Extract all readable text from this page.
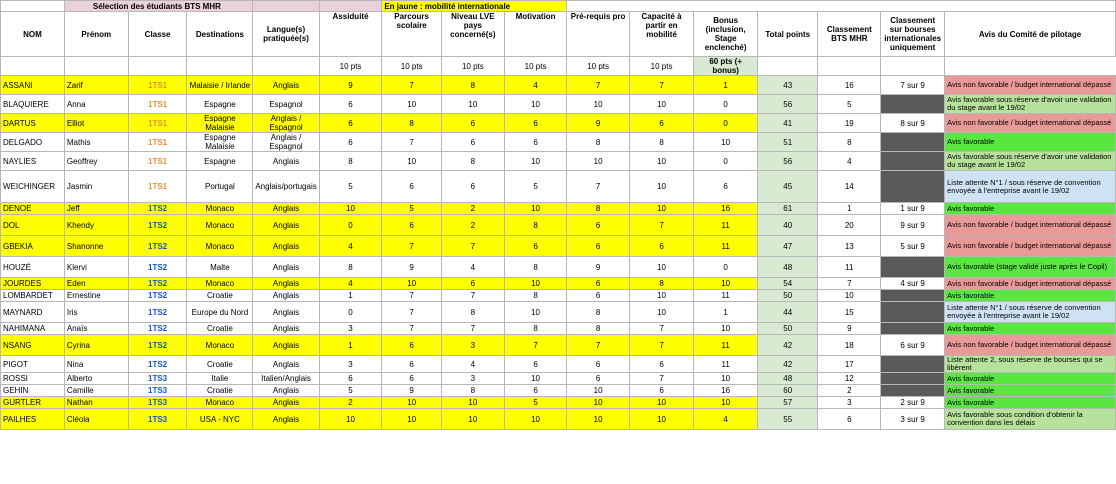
	Sélection des étudiants BTS MHR					En jaune : mobilité internationale									
NOM	Prénom	Classe	Destinations	Langue(s) pratiquée(s)	Assiduité	Parcours scolaire	Niveau LVE pays concerné(s)	Motivation	Pré-requis pro	Capacité à partir en mobilité	Bonus (inclusion, Stage enclenché)	Total points	Classement BTS MHR	Classement sur bourses internationales uniquement	Avis du Comité de pilotage
					10 pts	10 pts	10 pts	10 pts	10 pts	10 pts	60 pts (+ bonus)				
ASSANI	Zarif	1TS1	Malaisie / Irlande	Anglais	9	7	8	4	7	7	1	43	16	7 sur 9	Avis non favorable / budget international dépassé
BLAQUIERE	Anna	1TS1	Espagne	Espagnol	6	10	10	10	10	10	0	56	5		Avis favorable sous réserve d'avoir une validation du stage avant le 19/02
DARTUS	Elliot	1TS1	Espagne Malaisie	Anglais / Espagnol	6	8	6	6	9	6	0	41	19	8 sur 9	Avis non favorable / budget international dépassé
DELGADO	Mathis	1TS1	Espagne Malaisie	Anglais / Espagnol	6	7	6	6	8	8	10	51	8		Avis favorable
NAYLIES	Geoffrey	1TS1	Espagne	Anglais	8	10	8	10	10	10	0	56	4		Avis favorable sous réserve d'avoir une validation du stage avant le 19/02
WEICHINGER	Jasmin	1TS1	Portugal	Anglais/portugais	5	6	6	5	7	10	6	45	14		Liste attente N°1 / sous réserve de convention envoyée à l'entreprise avant le 19/02
DENOE	Jeff	1TS2	Monaco	Anglais	10	5	2	10	8	10	16	61	1	1 sur 9	Avis favorable
DOL	Khendy	1TS2	Monaco	Anglais	0	6	2	8	6	7	11	40	20	9 sur 9	Avis non favorable / budget international dépassé
GBEKIA	Shanonne	1TS2	Monaco	Anglais	4	7	7	6	6	6	11	47	13	5 sur 9	Avis non favorable / budget international dépassé
HOUZÉ	Klervi	1TS2	Malte	Anglais	8	9	4	8	9	10	0	48	11		Avis favorable (stage validé juste après le Copil)
JOURDES	Eden	1TS2	Monaco	Anglais	4	10	6	10	6	8	10	54	7	4 sur 9	Avis non favorable / budget international dépassé
LOMBARDET	Ernestine	1TS2	Croatie	Anglais	1	7	7	8	6	10	11	50	10		Avis favorable
MAYNARD	Iris	1TS2	Europe du Nord	Anglais	0	7	8	10	8	10	1	44	15		Liste attente N°1 / sous réserve de convention envoyée à l'entreprise avant le 19/02
NAHIMANA	Anaïs	1TS2	Croatie	Anglais	3	7	7	8	8	7	10	50	9		Avis favorable
NSANG	Cyrina	1TS2	Monaco	Anglais	1	6	3	7	7	7	11	42	18	6 sur 9	Avis non favorable / budget international dépassé
PIGOT	Nina	1TS2	Croatie	Anglais	3	6	4	6	6	6	11	42	17		Liste attente 2, sous réserve de bourses qui se libèrent
ROSSI	Alberto	1TS3	Italie	Italien/Anglais	6	6	3	10	6	7	10	48	12		Avis favorable
GEHIN	Camille	1TS3	Croatie	Anglais	5	9	8	6	10	6	16	60	2		Avis favorable
GURTLER	Nathan	1TS3	Monaco	Anglais	2	10	10	5	10	10	10	57	3	2 sur 9	Avis favorable
PAILHES	Cléola	1TS3	USA - NYC	Anglais	10	10	10	10	10	10	4	55	6	3 sur 9	Avis favorable sous condition d'obtenir la convention dans les délais
